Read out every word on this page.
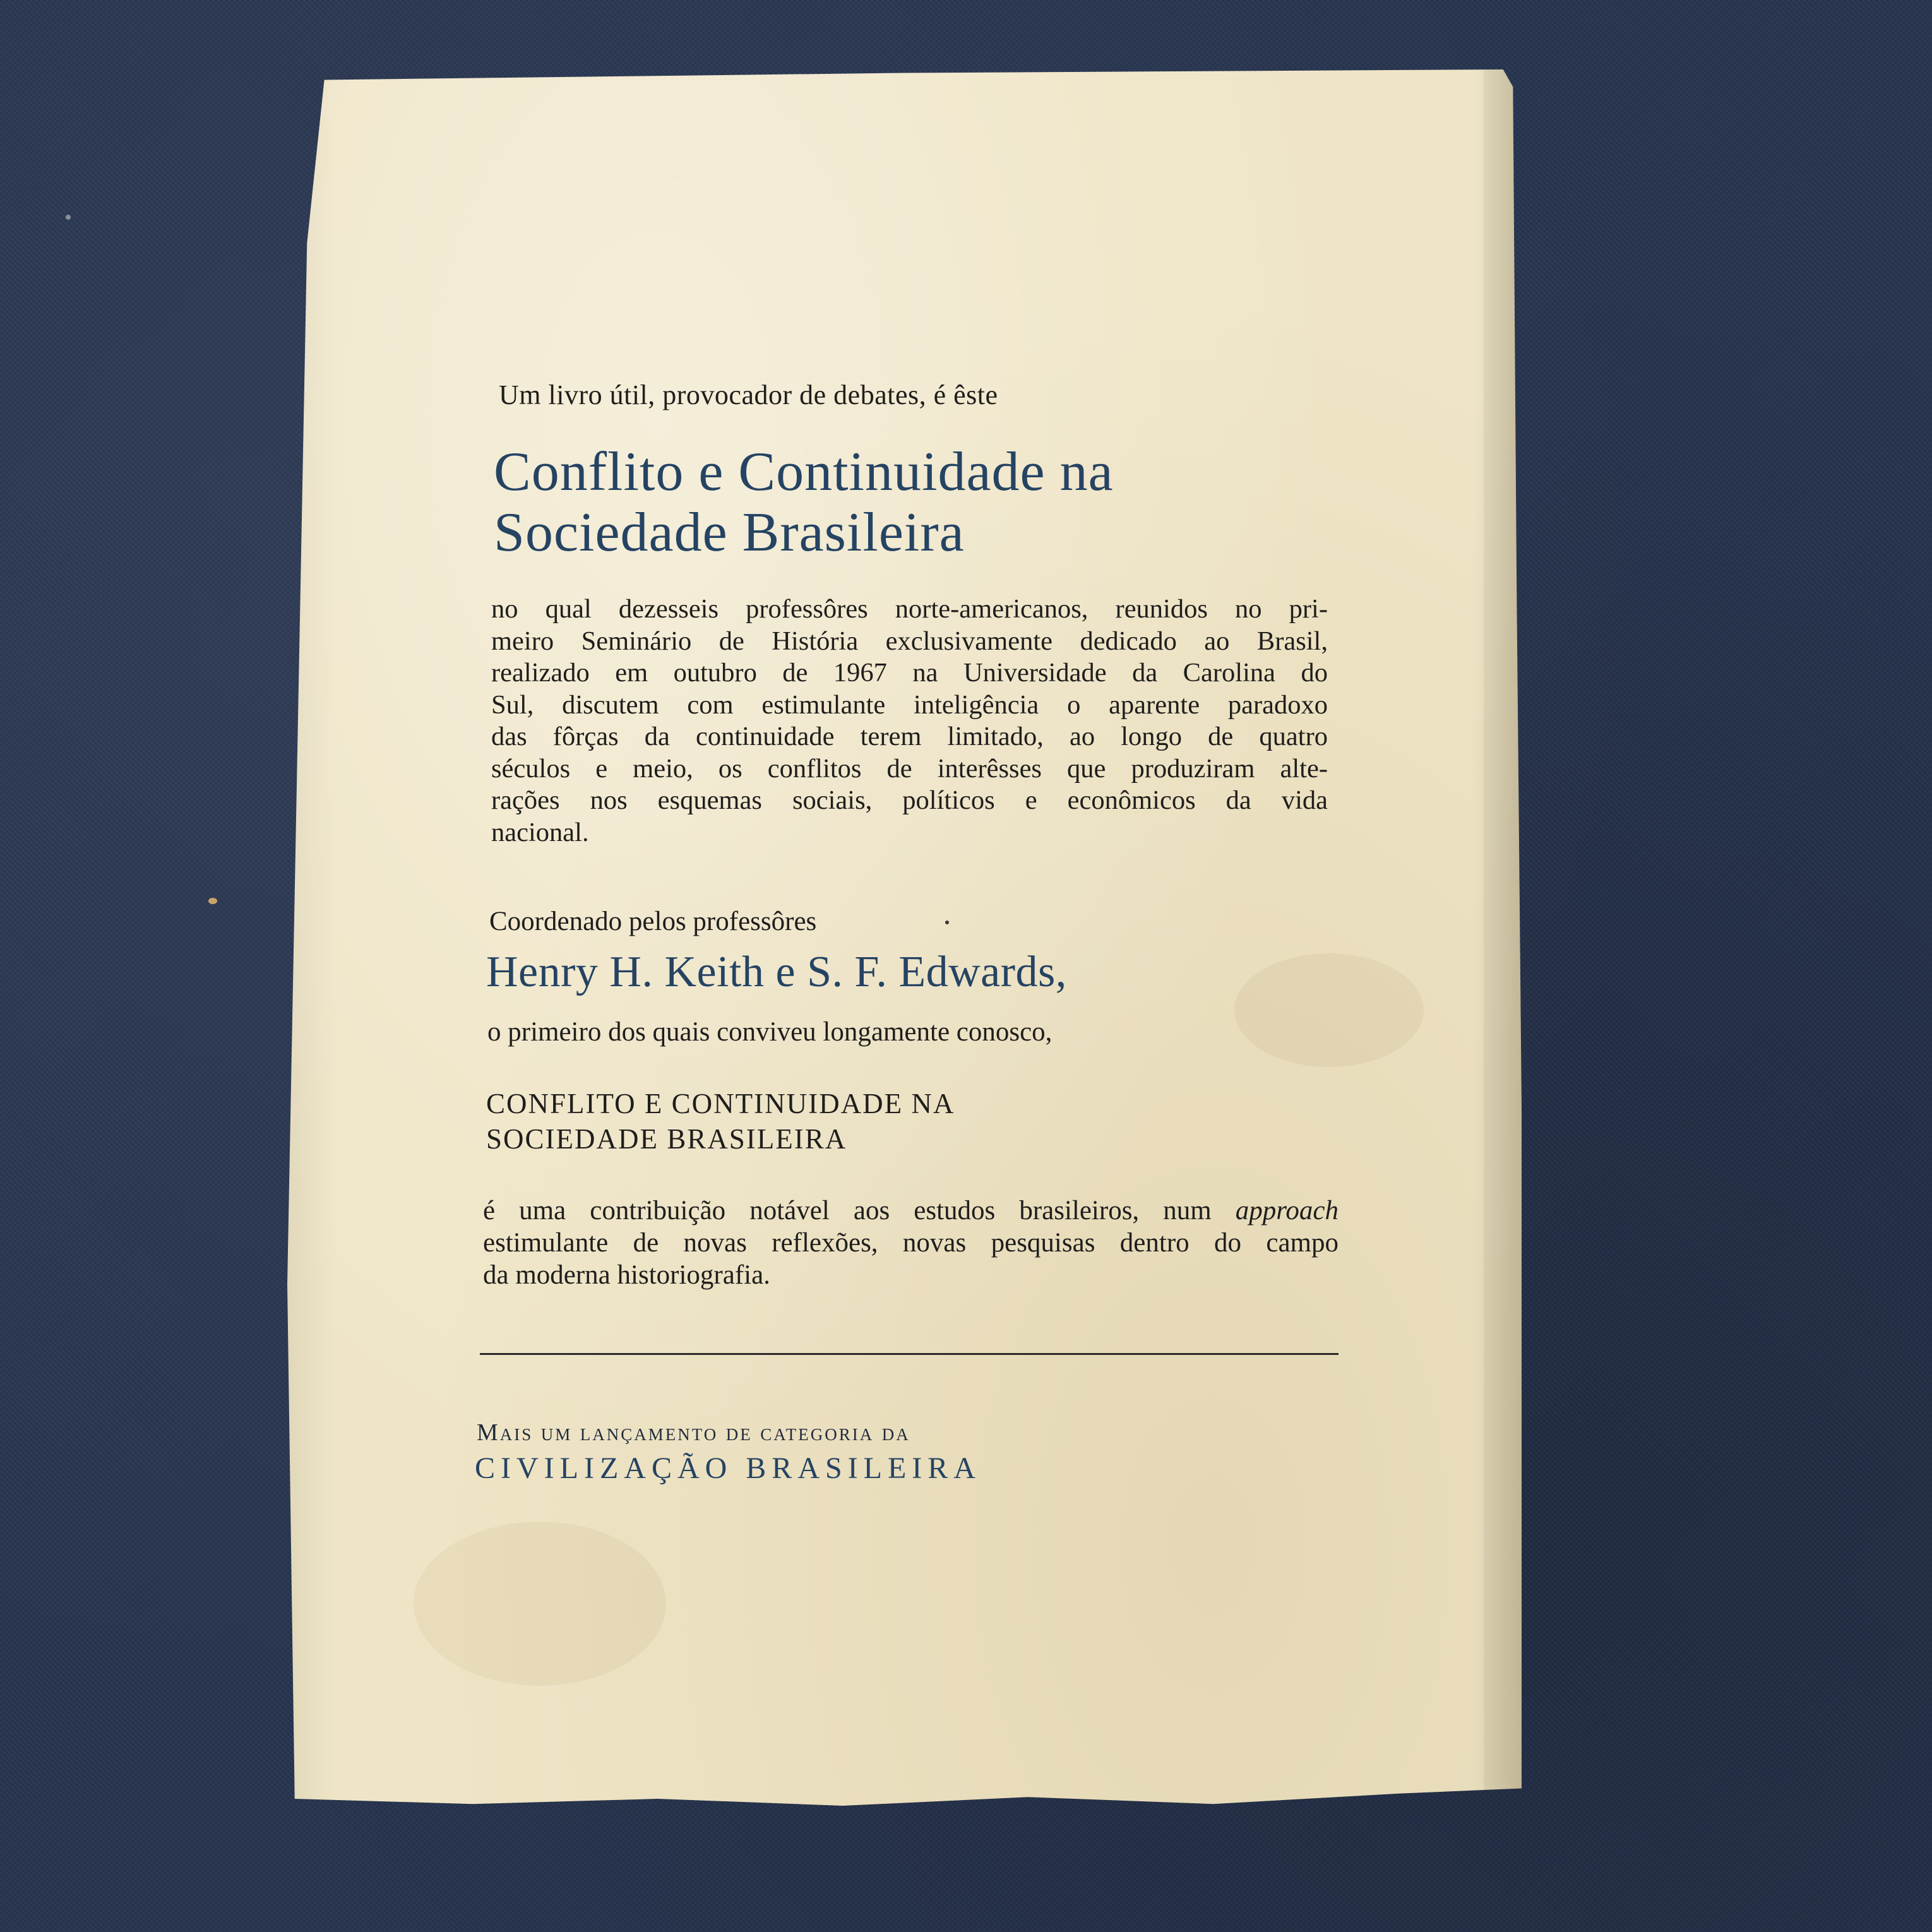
Um livro útil, provocador de debates, é êste
Conflito e Continuidade na
Sociedade Brasileira
no qual dezesseis professôres norte-americanos, reunidos no pri-
meiro Seminário de História exclusivamente dedicado ao Brasil,
realizado em outubro de 1967 na Universidade da Carolina do
Sul, discutem com estimulante inteligência o aparente paradoxo
das fôrças da continuidade terem limitado, ao longo de quatro
séculos e meio, os conflitos de interêsses que produziram alte-
rações nos esquemas sociais, políticos e econômicos da vida
nacional.
Coordenado pelos professôres
Henry H. Keith e S. F. Edwards,
o primeiro dos quais conviveu longamente conosco,
CONFLITO E CONTINUIDADE NA
SOCIEDADE BRASILEIRA
é uma contribuição notável aos estudos brasileiros, num approach
estimulante de novas reflexões, novas pesquisas dentro do campo
da moderna historiografia.
Mais um lançamento de categoria da
CIVILIZAÇÃO BRASILEIRA
